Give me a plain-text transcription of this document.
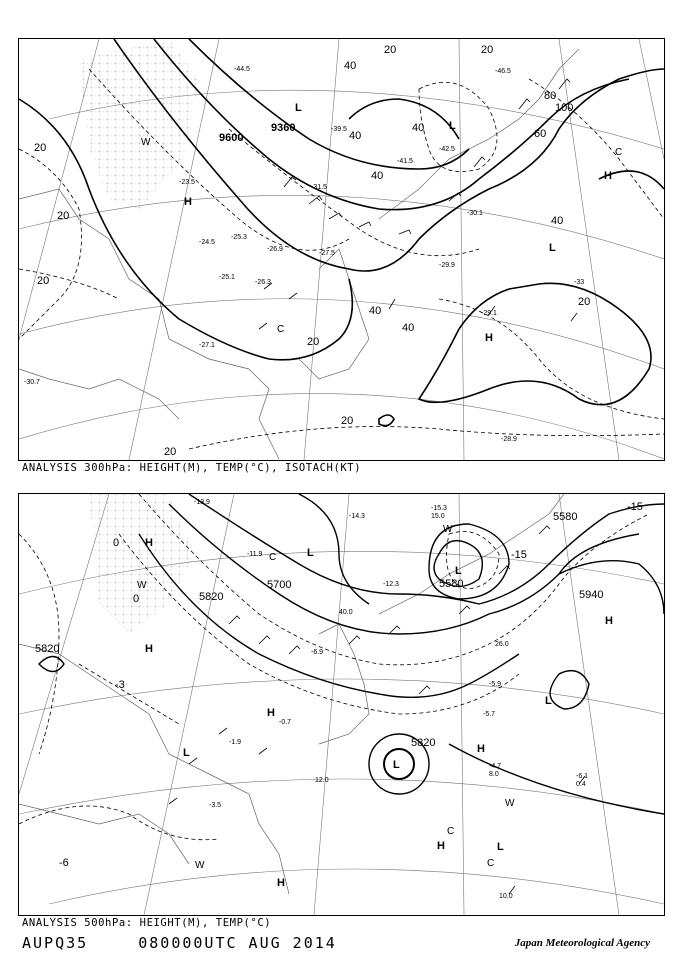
20
20
20
20
20	20
40
40
40
40
40
40
60
80
100
20
40
20
20
9600
9360
-23.5
-24.5
-25.1
-25.3
-26.3
-26.9
-27.1
-29.1
-29.9
-30.1
-30.7
-31.5
-33
-39.5
-41.5
-42.5
-44.5	-46.5
-28.9
-27.5
H
H
H
L
L
C
C
W
L
ANALYSIS 300hPa: HEIGHT(M), TEMP(°C), ISOTACH(KT)
5580
5700
5820
5820
5580
5940
5820
0
-3
-6
-15
-15
0
-13.9
-14.3
-15.3
-11.9
-12.3
-6.9
-4.7
-6.1
-3.5
-1.9
-0.7
-5.9
-5.7
12.0
15.0
10.0
8.0
0.4
40.0
26.0
H
H
H
H
H
H
H
L
L
L
L
L
L
W
W
W
W
C
C
C
ANALYSIS 500hPa: HEIGHT(M), TEMP(°C)
AUPQ35	080000UTC AUG 2014	Japan Meteorological Agency
